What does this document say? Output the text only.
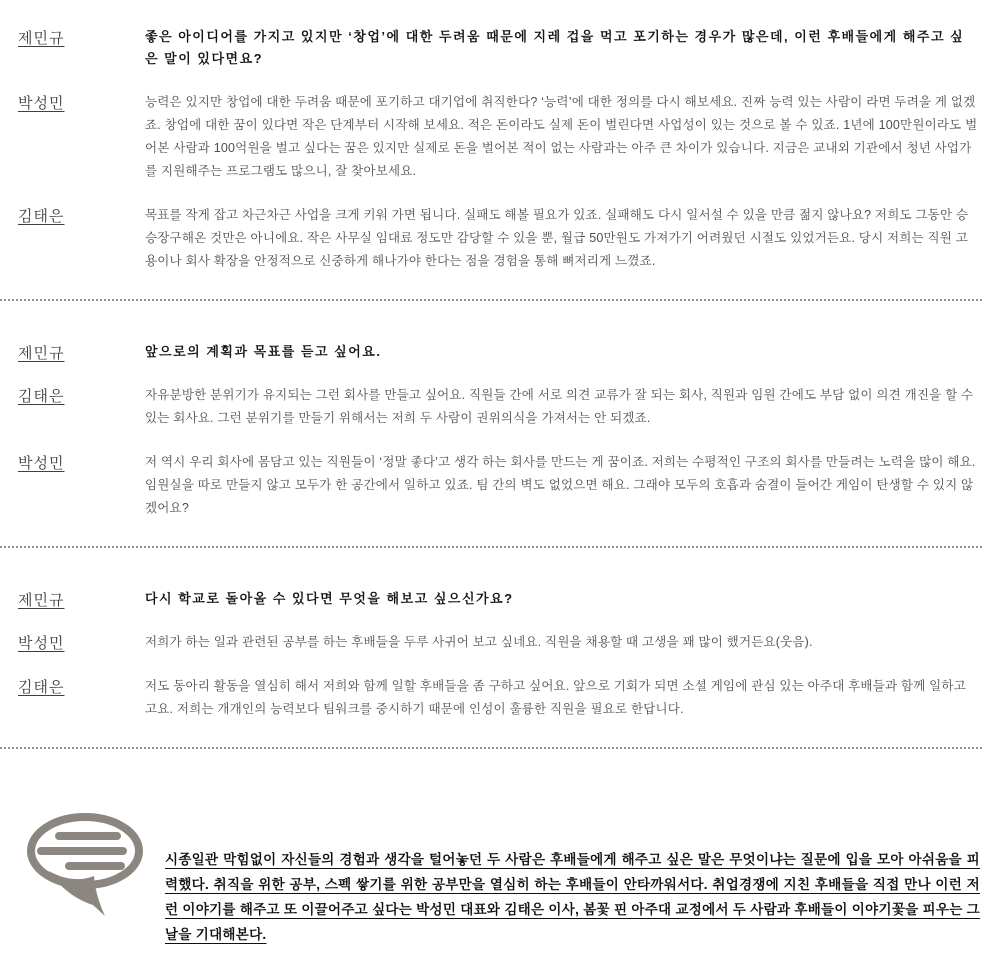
제민규	좋은 아이디어를 가지고 있지만 ‘창업’에 대한 두려움 때문에 지레 겁을 먹고 포기하는 경우가 많은데, 이런 후배들에게 해주고 싶은 말이 있다면요?
박성민	능력은 있지만 창업에 대한 두려움 때문에 포기하고 대기업에 취직한다? ‘능력’에 대한 정의를 다시 해보세요. 진짜 능력 있는 사람이 라면 두려울 게 없겠죠. 창업에 대한 꿈이 있다면 작은 단계부터 시작해 보세요. 적은 돈이라도 실제 돈이 벌린다면 사업성이 있는 것으로 볼 수 있죠. 1년에 100만원이라도 벌어본 사람과 100억원을 벌고 싶다는 꿈은 있지만 실제로 돈을 벌어본 적이 없는 사람과는 아주 큰 차이가 있습니다. 지금은 교내외 기관에서 청년 사업가를 지원해주는 프로그램도 많으니, 잘 찾아보세요.
김태은	목표를 작게 잡고 차근차근 사업을 크게 키워 가면 됩니다. 실패도 해볼 필요가 있죠. 실패해도 다시 일서설 수 있을 만큼 젊지 않나요? 저희도 그동안 승승장구해온 것만은 아니에요. 작은 사무실 임대료 정도만 감당할 수 있을 뿐, 월급 50만원도 가져가기 어려웠던 시절도 있었거든요. 당시 저희는 직원 고용이나 회사 확장을 안정적으로 신중하게 해나가야 한다는 점을 경험을 통해 뼈저리게 느꼈죠.
제민규	앞으로의 계획과 목표를 듣고 싶어요.
김태은	자유분방한 분위기가 유지되는 그런 회사를 만들고 싶어요. 직원들 간에 서로 의견 교류가 잘 되는 회사, 직원과 임원 간에도 부담 없이 의견 개진을 할 수 있는 회사요. 그런 분위기를 만들기 위해서는 저희 두 사람이 권위의식을 가져서는 안 되겠죠.
박성민	저 역시 우리 회사에 몸담고 있는 직원들이 ‘정말 좋다’고 생각 하는 회사를 만드는 게 꿈이죠. 저희는 수평적인 구조의 회사를 만들려는 노력을 많이 해요. 임원실을 따로 만들지 않고 모두가 한 공간에서 일하고 있죠. 팀 간의 벽도 없었으면 해요. 그래야 모두의 호흡과 숨결이 들어간 게임이 탄생할 수 있지 않겠어요?
제민규	다시 학교로 돌아올 수 있다면 무엇을 해보고 싶으신가요?
박성민	저희가 하는 일과 관련된 공부를 하는 후배들을 두루 사귀어 보고 싶네요. 직원을 채용할 때 고생을 꽤 많이 했거든요(웃음).
김태은	저도 동아리 활동을 열심히 해서 저희와 함께 일할 후배들을 좀 구하고 싶어요. 앞으로 기회가 되면 소셜 게임에 관심 있는 아주대 후배들과 함께 일하고 고요. 저희는 개개인의 능력보다 팀워크를 중시하기 때문에 인성이 훌륭한 직원을 필요로 한답니다.

시종일관 막힘없이 자신들의 경험과 생각을 털어놓던 두 사람은 후배들에게 해주고 싶은 말은 무엇이냐는 질문에 입을 모아 아쉬움을 피력했다. 취직을 위한 공부, 스펙 쌓기를 위한 공부만을 열심히 하는 후배들이 안타까워서다. 취업경쟁에 지친 후배들을 직접 만나 이런 저런 이야기를 해주고 또 이끌어주고 싶다는 박성민 대표와 김태은 이사, 봄꽃 핀 아주대 교정에서 두 사람과 후배들이 이야기꽃을 피우는 그날을 기대해본다.
